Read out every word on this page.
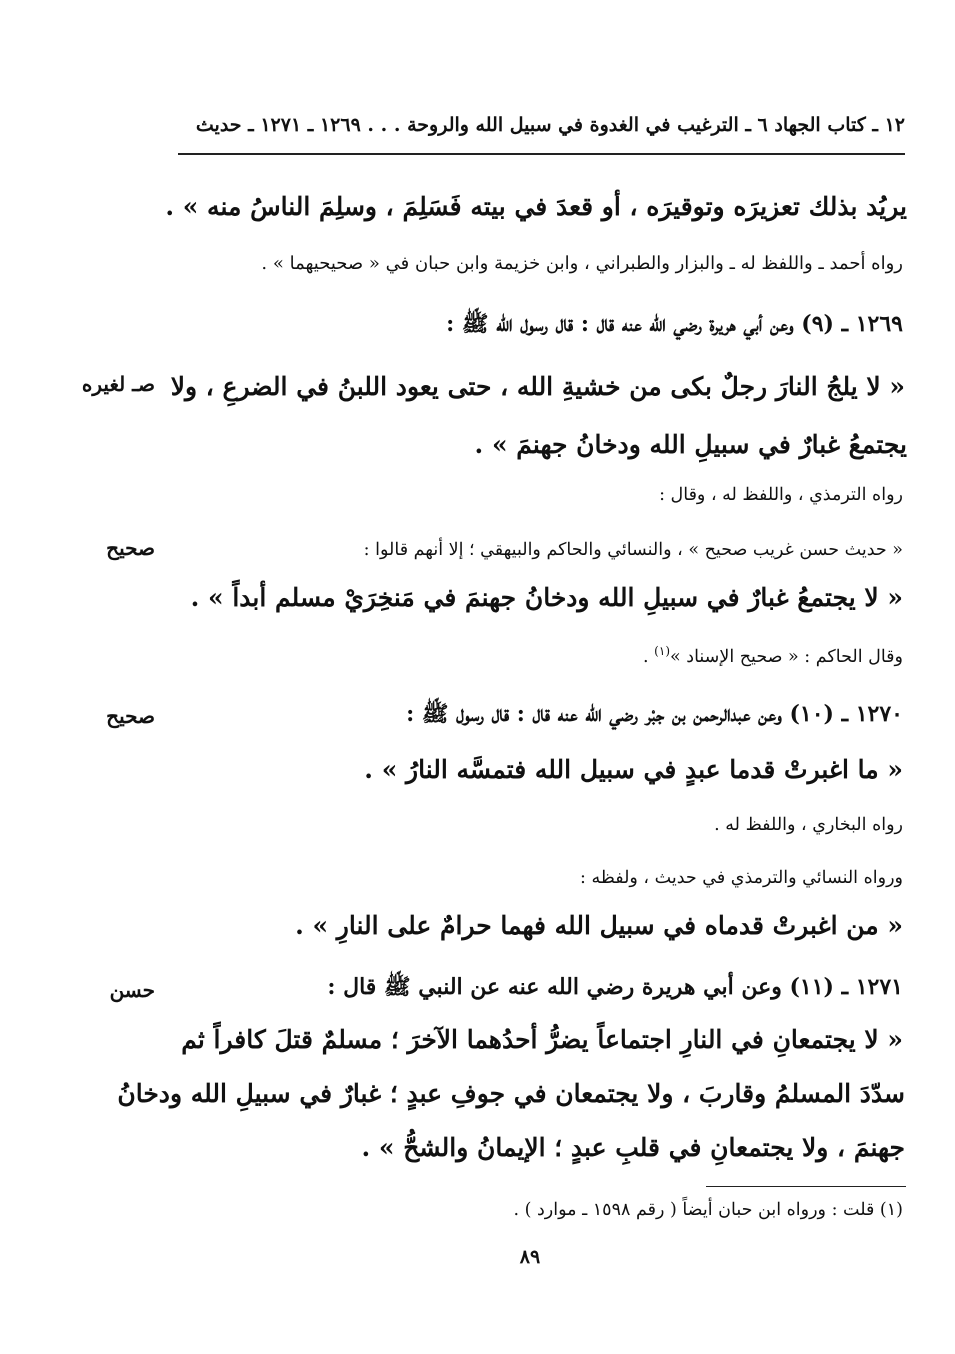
١٢ ـ كتاب الجهاد ٦ ـ الترغيب في الغدوة في سبيل الله والروحة . . . ١٢٦٩ ـ ١٢٧١ ـ حديث
يريُد بذلك تعزيرَه وتوقيرَه ، أو قعدَ في بيته فَسَلِمَ ، وسلِمَ الناسُ منه » .
رواه أحمد ـ واللفظ له ـ والبزار والطبراني ، وابن خزيمة وابن حبان في « صحيحيهما » .
١٢٦٩ ـ (٩) وعن أبي هريرة رضي الله عنه قال : قال رسول الله ﷺ :
« لا يلجُ النارَ رجلٌ بكى من خشيةِ الله ، حتى يعود اللبنُ في الضرعِ ، ولا
يجتمعُ غبارٌ في سبيلِ الله ودخانُ جهنمَ » .
رواه الترمذي ، واللفظ له ، وقال :
« حديث حسن غريب صحيح » ، والنسائي والحاكم والبيهقي ؛ إلا أنهم قالوا :
« لا يجتمعُ غبارٌ في سبيلِ الله ودخانُ جهنمَ في مَنخِرَيْ مسلم أبداً » .
وقال الحاكم : « صحيح الإسناد »$^{(١)}$ .
١٢٧٠ ـ (١٠) وعن عبدالرحمن بن جبْر رضي الله عنه قال : قال رسول ﷺ :
« ما اغبرتْ قدما عبدٍ في سبيل الله فتمسَّه النارُ » .
رواه البخاري ، واللفظ له .
ورواه النسائي والترمذي في حديث ، ولفظه :
« من اغبرتْ قدماه في سبيل الله فهما حرامٌ على النارِ » .
١٢٧١ ـ (١١) وعن أبي هريرة رضي الله عنه عن النبي ﷺ قال :
« لا يجتمعانِ في النارِ اجتماعاً يضرُّ أحدُهما الآخرَ ؛ مسلمٌ قتلَ كافراً ثم
سدّدَ المسلمُ وقاربَ ، ولا يجتمعان في جوفِ عبدٍ ؛ غبارٌ في سبيلِ الله ودخانُ
جهنمَ ، ولا يجتمعانِ في قلبِ عبدٍ ؛ الإيمانُ والشحُّ » .
صـ لغيره
صحيح
صحيح
حسن
(١) قلت : ورواه ابن حبان أيضاً ( رقم ١٥٩٨ ـ موارد ) .
٨٩
